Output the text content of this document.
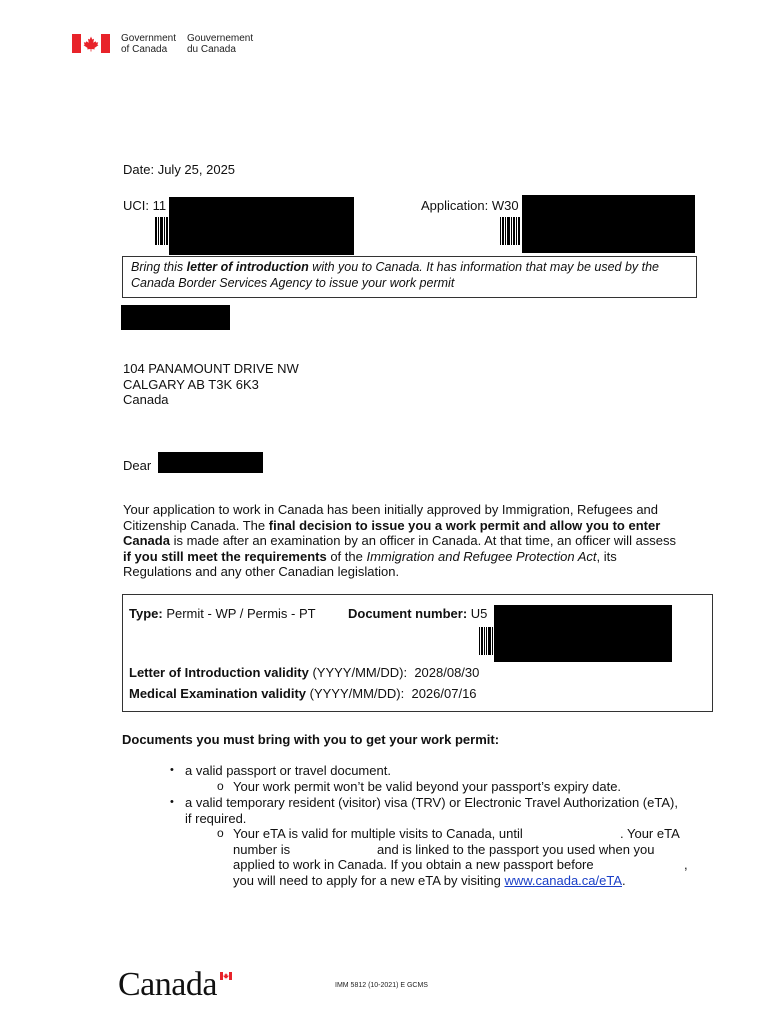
Government
of Canada
Gouvernement
du Canada
Date: July 25, 2025
UCI: 11	Application: W30
Bring this letter of introduction with you to Canada. It has information that may be used by the
Canada Border Services Agency to issue your work permit
104 PANAMOUNT DRIVE NW
CALGARY AB T3K 6K3
Canada
Dear
Your application to work in Canada has been initially approved by Immigration, Refugees and
Citizenship Canada. The final decision to issue you a work permit and allow you to enter
Canada is made after an examination by an officer in Canada. At that time, an officer will assess
if you still meet the requirements of the Immigration and Refugee Protection Act, its
Regulations and any other Canadian legislation.
Type: Permit - WP / Permis - PT Document number: U5
Letter of Introduction validity (YYYY/MM/DD): 2028/08/30
Medical Examination validity (YYYY/MM/DD): 2026/07/16
Documents you must bring with you to get your work permit:
• a valid passport or travel document.
o Your work permit won’t be valid beyond your passport’s expiry date.
• a valid temporary resident (visitor) visa (TRV) or Electronic Travel Authorization (eTA),
if required.
o Your eTA is valid for multiple visits to Canada, until	. Your eTA
number is	and is linked to the passport you used when you
applied to work in Canada. If you obtain a new passport before	,
you will need to apply for a new eTA by visiting www.canada.ca/eTA.
Canada	IMM 5812 (10-2021) E GCMS
